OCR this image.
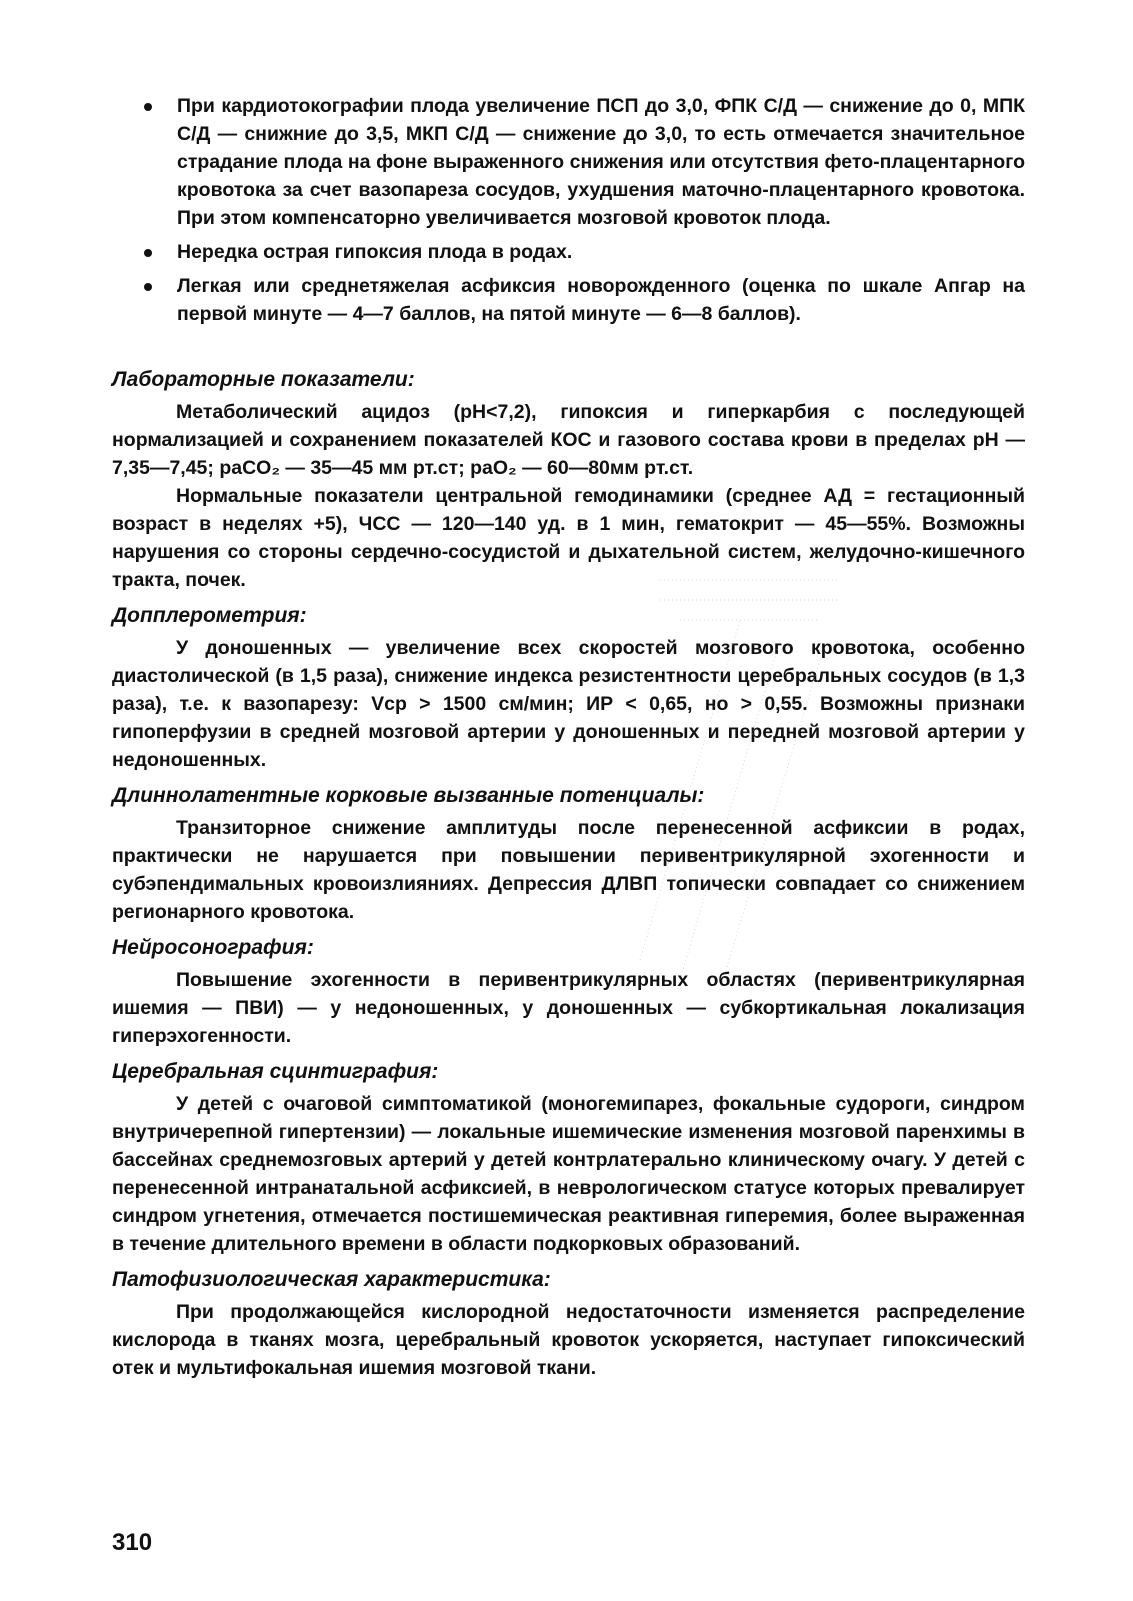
При кардиотокографии плода увеличение ПСП до 3,0, ФПК С/Д — снижение до 0, МПК С/Д — снижние до 3,5, МКП С/Д — снижение до 3,0, то есть отмечается значительное страдание плода на фоне выраженного снижения или отсутствия фето-плацентарного кровотока за счет вазопареза сосудов, ухудшения маточно-плацентарного кровотока. При этом компенсаторно увеличивается мозговой кровоток плода.
Нередка острая гипоксия плода в родах.
Легкая или среднетяжелая асфиксия новорожденного (оценка по шкале Апгар на первой минуте — 4—7 баллов, на пятой минуте — 6—8 баллов).
Лабораторные показатели:

Метаболический ацидоз (pH<7,2), гипоксия и гиперкарбия с последующей нормализацией и сохранением показателей КОС и газового состава крови в пределах pH —7,35—7,45; paCO₂ — 35—45 мм рт.ст; paO₂ — 60—80мм рт.ст.

Нормальные показатели центральной гемодинамики (среднее АД = гестационный возраст в неделях +5), ЧСС — 120—140 уд. в 1 мин, гематокрит — 45—55%. Возможны нарушения со стороны сердечно-сосудистой и дыхательной систем, желудочно-кишечного тракта, почек.

Допплерометрия:

У доношенных — увеличение всех скоростей мозгового кровотока, особенно диастолической (в 1,5 раза), снижение индекса резистентности церебральных сосудов (в 1,3 раза), т.е. к вазопарезу: Vcp > 1500 см/мин; ИР < 0,65, но > 0,55. Возможны признаки гипоперфузии в средней мозговой артерии у доношенных и передней мозговой артерии у недоношенных.

Длиннолатентные корковые вызванные потенциалы:

Транзиторное снижение амплитуды после перенесенной асфиксии в родах, практически не нарушается при повышении перивентрикулярной эхогенности и субэпендимальных кровоизлияниях. Депрессия ДЛВП топически совпадает со снижением регионарного кровотока.

Нейросонография:

Повышение эхогенности в перивентрикулярных областях (перивентрикулярная ишемия — ПВИ) — у недоношенных, у доношенных — субкортикальная локализация гиперэхогенности.

Церебральная сцинтиграфия:

У детей с очаговой симптоматикой (моногемипарез, фокальные судороги, синдром внутричерепной гипертензии) — локальные ишемические изменения мозговой паренхимы в бассейнах среднемозговых артерий у детей контрлатерально клиническому очагу. У детей с перенесенной интранатальной асфиксией, в неврологическом статусе которых превалирует синдром угнетения, отмечается постишемическая реактивная гиперемия, более выраженная в течение длительного времени в области подкорковых образований.

Патофизиологическая характеристика:

При продолжающейся кислородной недостаточности изменяется распределение кислорода в тканях мозга, церебральный кровоток ускоряется, наступает гипоксический отек и мультифокальная ишемия мозговой ткани.

310
